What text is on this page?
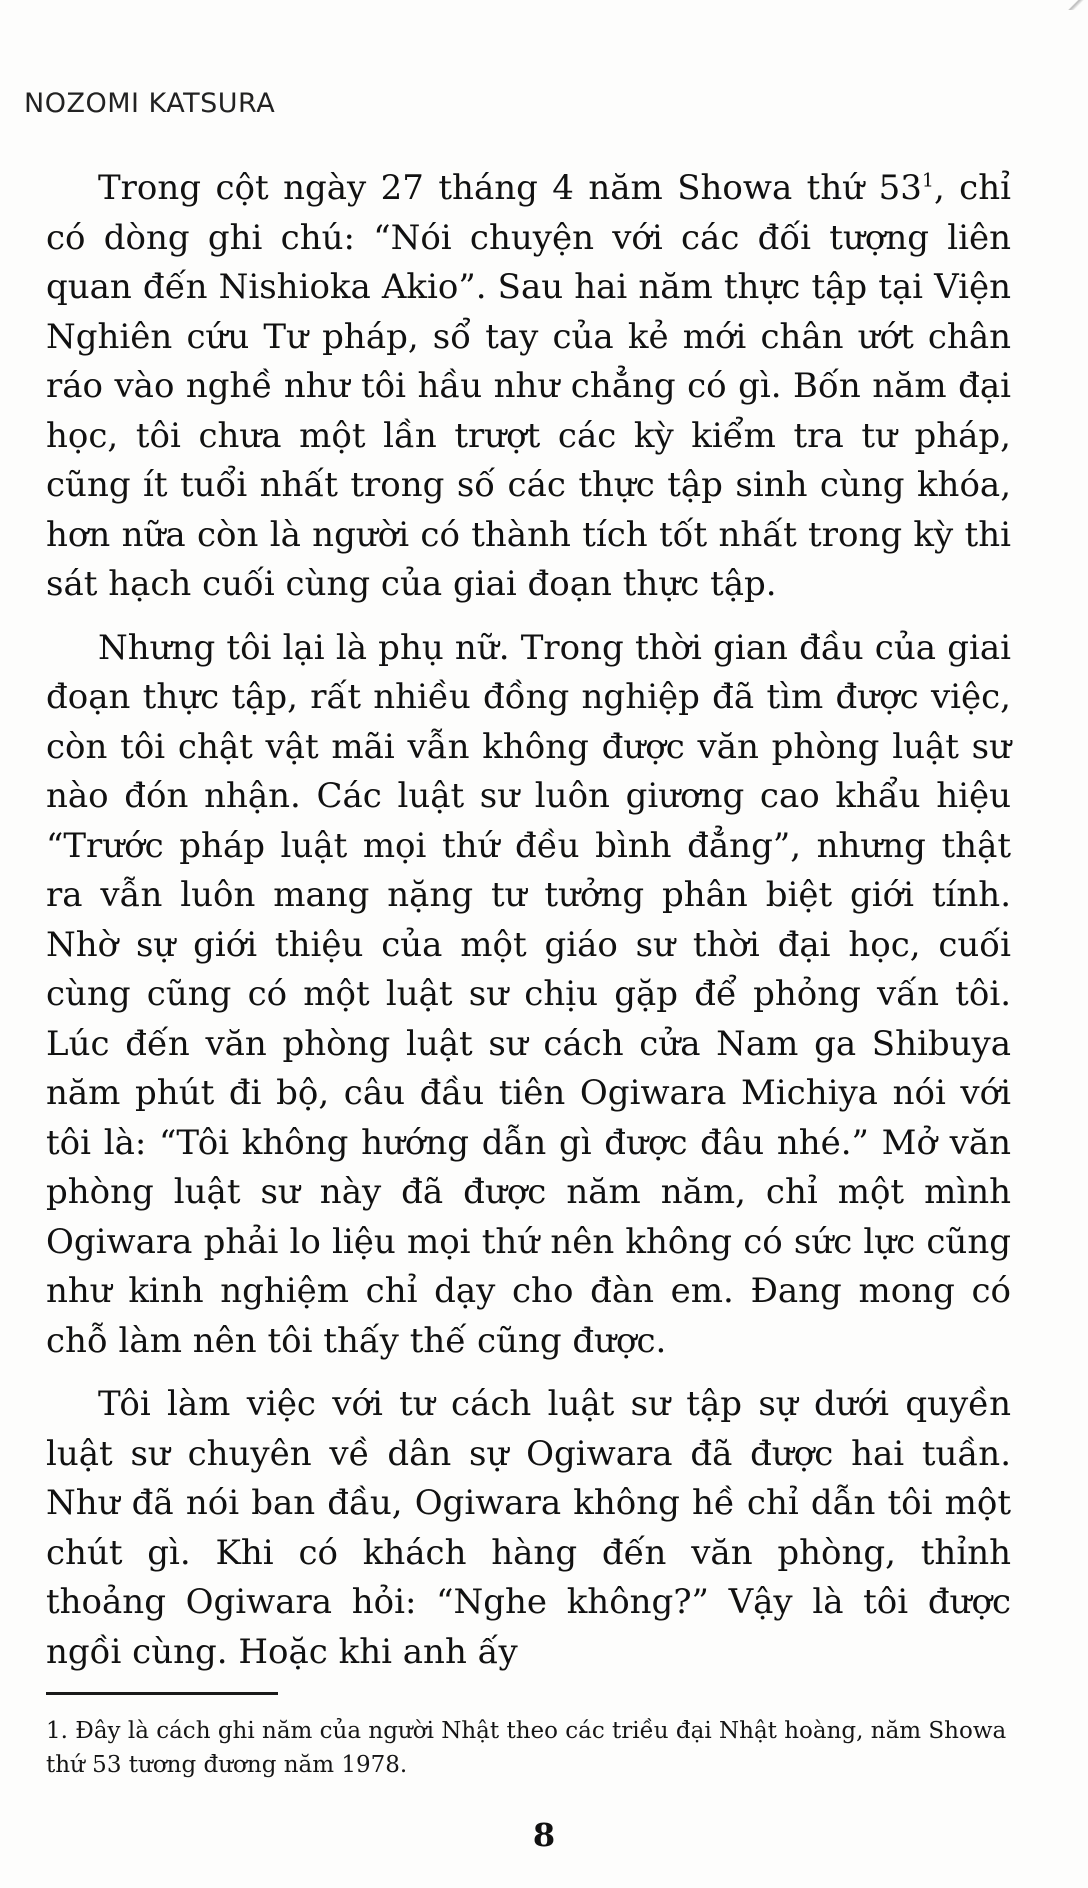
NOZOMI KATSURA

Trong cột ngày 27 tháng 4 năm Showa thứ $53^1$, chỉ có dòng ghi chú: “Nói chuyện với các đối tượng liên quan đến Nishioka Akio”. Sau hai năm thực tập tại Viện Nghiên cứu Tư pháp, sổ tay của kẻ mới chân ướt chân ráo vào nghề như tôi hầu như chẳng có gì. Bốn năm đại học, tôi chưa một lần trượt các kỳ kiểm tra tư pháp, cũng ít tuổi nhất trong số các thực tập sinh cùng khóa, hơn nữa còn là người có thành tích tốt nhất trong kỳ thi sát hạch cuối cùng của giai đoạn thực tập.

Nhưng tôi lại là phụ nữ. Trong thời gian đầu của giai đoạn thực tập, rất nhiều đồng nghiệp đã tìm được việc, còn tôi chật vật mãi vẫn không được văn phòng luật sư nào đón nhận. Các luật sư luôn giương cao khẩu hiệu “Trước pháp luật mọi thứ đều bình đẳng”, nhưng thật ra vẫn luôn mang nặng tư tưởng phân biệt giới tính. Nhờ sự giới thiệu của một giáo sư thời đại học, cuối cùng cũng có một luật sư chịu gặp để phỏng vấn tôi. Lúc đến văn phòng luật sư cách cửa Nam ga Shibuya năm phút đi bộ, câu đầu tiên Ogiwara Michiya nói với tôi là: “Tôi không hướng dẫn gì được đâu nhé.” Mở văn phòng luật sư này đã được năm năm, chỉ một mình Ogiwara phải lo liệu mọi thứ nên không có sức lực cũng như kinh nghiệm chỉ dạy cho đàn em. Đang mong có chỗ làm nên tôi thấy thế cũng được.

Tôi làm việc với tư cách luật sư tập sự dưới quyền luật sư chuyên về dân sự Ogiwara đã được hai tuần. Như đã nói ban đầu, Ogiwara không hề chỉ dẫn tôi một chút gì. Khi có khách hàng đến văn phòng, thỉnh thoảng Ogiwara hỏi: “Nghe không?” Vậy là tôi được ngồi cùng. Hoặc khi anh ấy

1. Đây là cách ghi năm của người Nhật theo các triều đại Nhật hoàng, năm Showa thứ 53 tương đương năm 1978.
8
